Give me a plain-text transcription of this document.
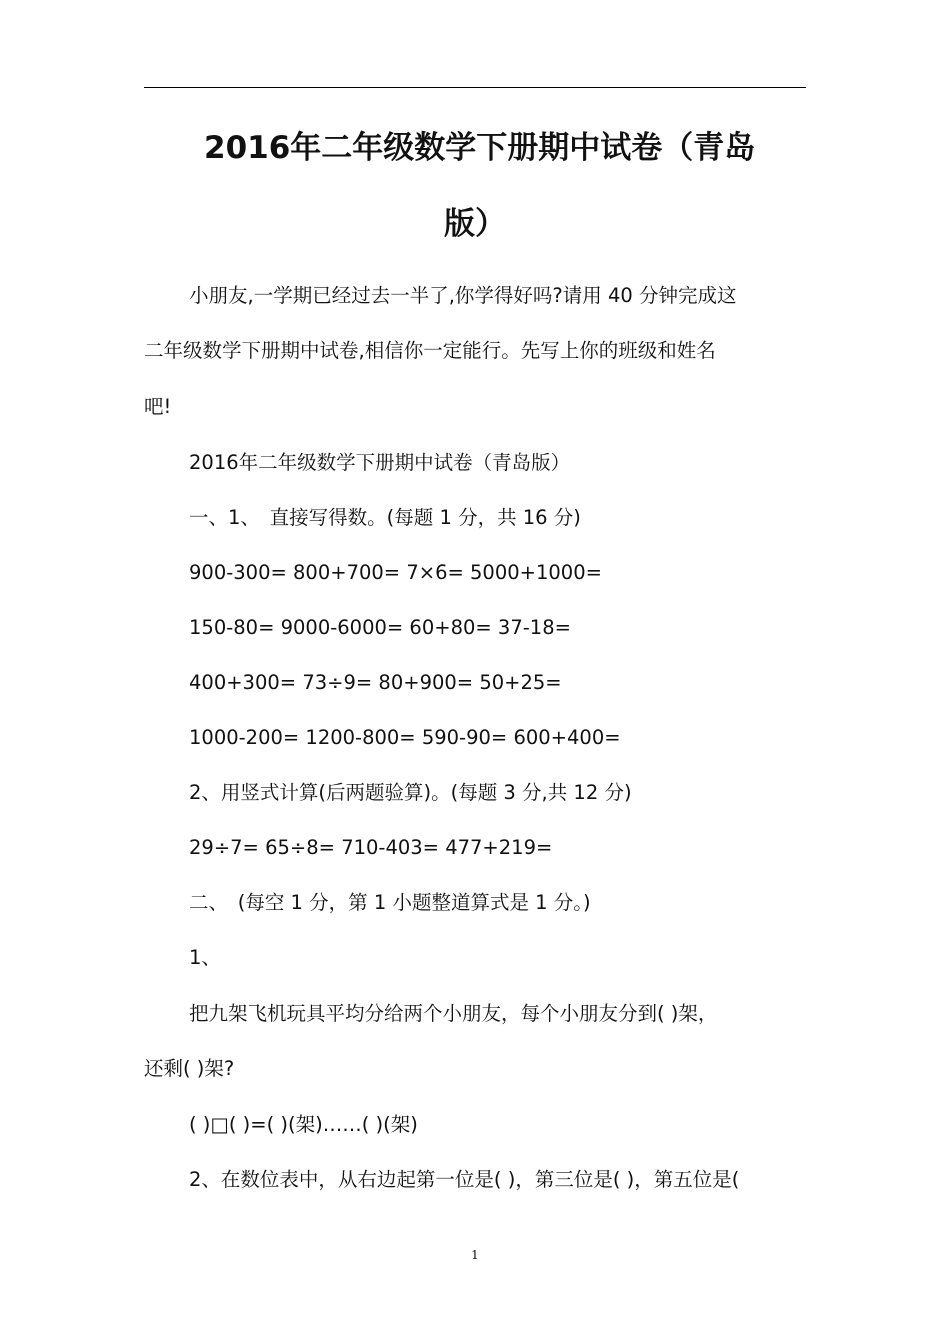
2016年二年级数学下册期中试卷（青岛
版）
小朋友,一学期已经过去一半了,你学得好吗?请用 40 分钟完成这
二年级数学下册期中试卷,相信你一定能行。先写上你的班级和姓名
吧!
2016年二年级数学下册期中试卷（青岛版）
一、1、　直接写得数。(每题 1 分，共 16 分)
900-300= 800+700= 7×6= 5000+1000=
150-80= 9000-6000= 60+80= 37-18=
400+300= 73÷9= 80+900= 50+25=
1000-200= 1200-800= 590-90= 600+400=
2、用竖式计算(后两题验算)。(每题 3 分,共 12 分)
29÷7= 65÷8= 710-403= 477+219=
二、　(每空 1 分，第 1 小题整道算式是 1 分。)
1、
把九架飞机玩具平均分给两个小朋友，每个小朋友分到( )架，
还剩( )架?
( )□( )=( )(架)……( )(架)
2、在数位表中，从右边起第一位是( )，第三位是( )，第五位是(
1
